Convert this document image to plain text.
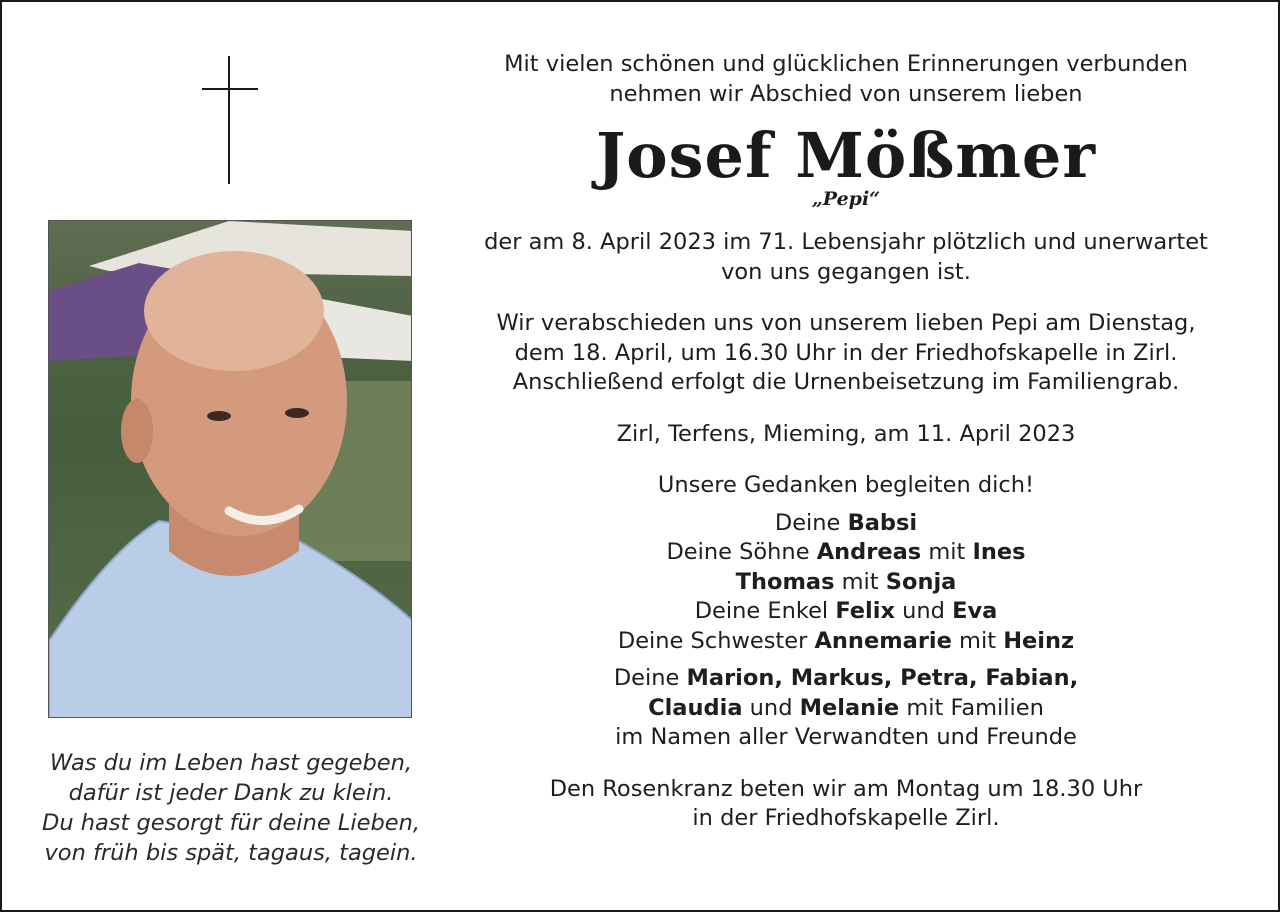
Was du im Leben hast gegeben,
dafür ist jeder Dank zu klein.
Du hast gesorgt für deine Lieben,
von früh bis spät, tagaus, tagein.
Mit vielen schönen und glücklichen Erinnerungen verbunden
nehmen wir Abschied von unserem lieben
Josef Mößmer
„Pepi“
der am 8. April 2023 im 71. Lebensjahr plötzlich und unerwartet
von uns gegangen ist.
Wir verabschieden uns von unserem lieben Pepi am Dienstag,
dem 18. April, um 16.30 Uhr in der Friedhofskapelle in Zirl.
Anschließend erfolgt die Urnenbeisetzung im Familiengrab.
Zirl, Terfens, Mieming, am 11. April 2023
Unsere Gedanken begleiten dich!
Deine Babsi
Deine Söhne Andreas mit Ines
Thomas mit Sonja
Deine Enkel Felix und Eva
Deine Schwester Annemarie mit Heinz
Deine Marion, Markus, Petra, Fabian,
Claudia und Melanie mit Familien
im Namen aller Verwandten und Freunde
Den Rosenkranz beten wir am Montag um 18.30 Uhr
in der Friedhofskapelle Zirl.
